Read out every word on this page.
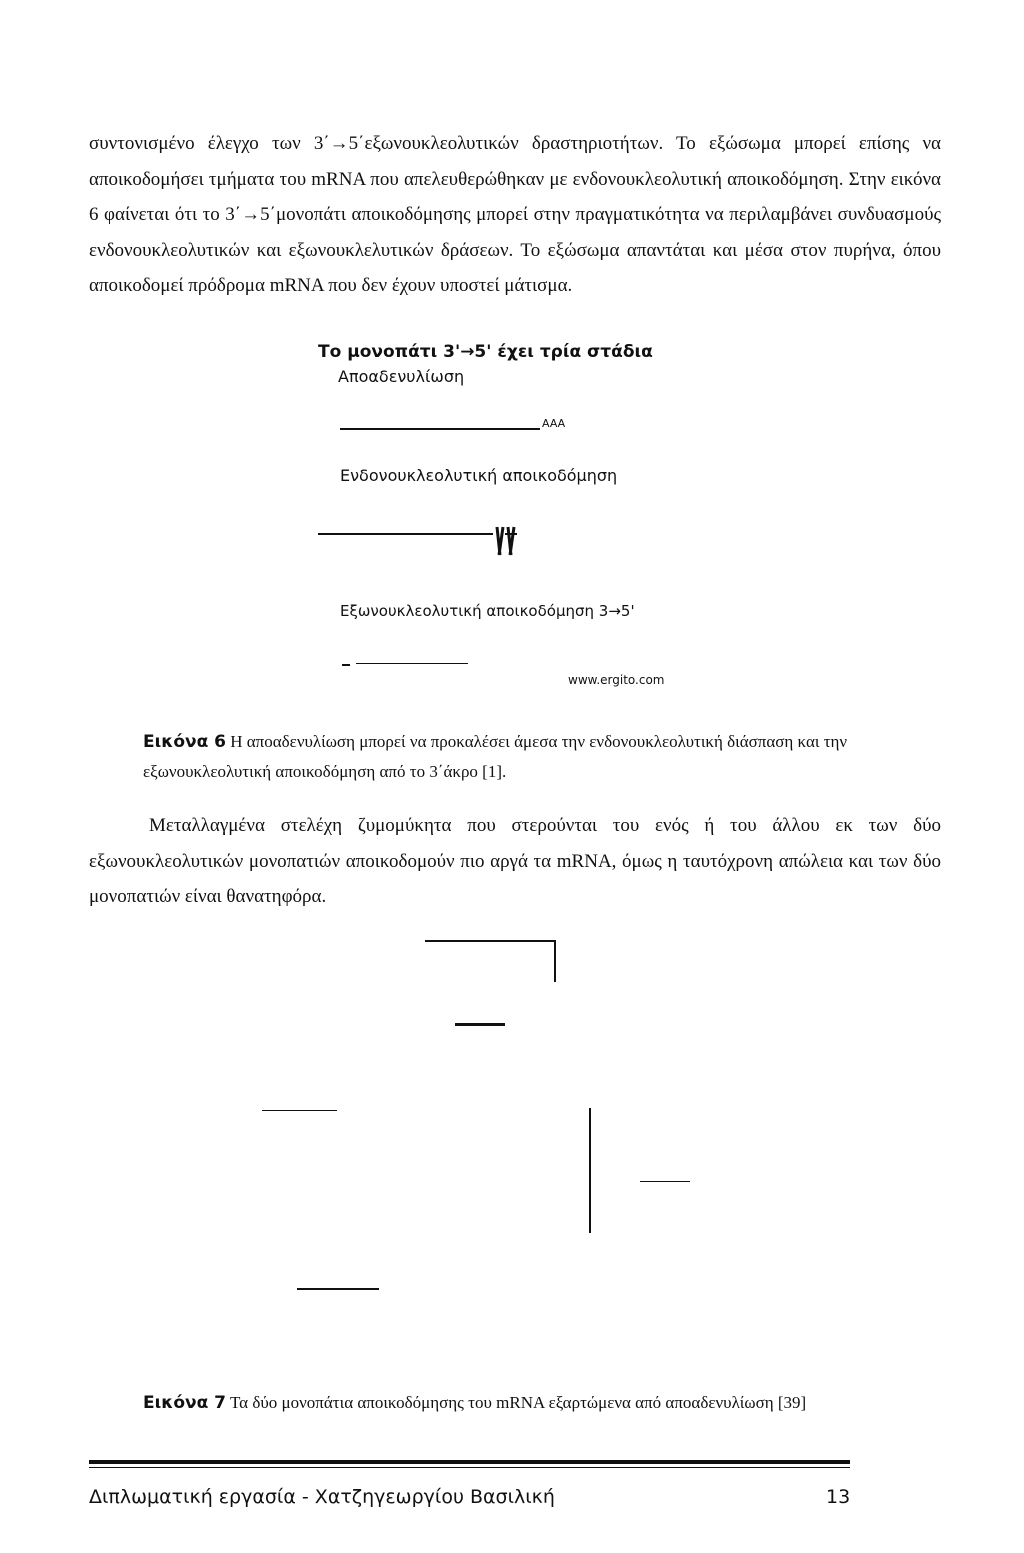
συντονισμένο έλεγχο των 3΄→5΄εξωνουκλεολυτικών δραστηριοτήτων. Το εξώσωμα μπορεί επίσης να αποικοδομήσει τμήματα του mRNA που απελευθερώθηκαν με ενδονουκλεολυτική αποικοδόμηση. Στην εικόνα 6 φαίνεται ότι το 3΄→5΄μονοπάτι αποικοδόμησης μπορεί στην πραγματικότητα να περιλαμβάνει συνδυασμούς ενδονουκλεολυτικών και εξωνουκλελυτικών δράσεων. Το εξώσωμα απαντάται και μέσα στον πυρήνα, όπου αποικοδομεί πρόδρομα mRNA που δεν έχουν υποστεί μάτισμα.

Το μονοπάτι 3'→5' έχει τρία στάδια
Αποαδενυλίωση
AAA
Ενδονουκλεολυτική αποικοδόμηση
Εξωνουκλεολυτική αποικοδόμηση 3→5'
www.ergito.com

Εικόνα 6 Η αποαδενυλίωση μπορεί να προκαλέσει άμεσα την ενδονουκλεολυτική διάσπαση και την εξωνουκλεολυτική αποικοδόμηση από το 3΄άκρο [1].

Μεταλλαγμένα στελέχη ζυμομύκητα που στερούνται του ενός ή του άλλου εκ των δύο εξωνουκλεολυτικών μονοπατιών αποικοδομούν πιο αργά τα mRNA, όμως η ταυτόχρονη απώλεια και των δύο μονοπατιών είναι θανατηφόρα.

Εικόνα 7 Τα δύο μονοπάτια αποικοδόμησης του mRNA εξαρτώμενα από αποαδενυλίωση [39]

Διπλωματική εργασία - Χατζηγεωργίου Βασιλική	13
